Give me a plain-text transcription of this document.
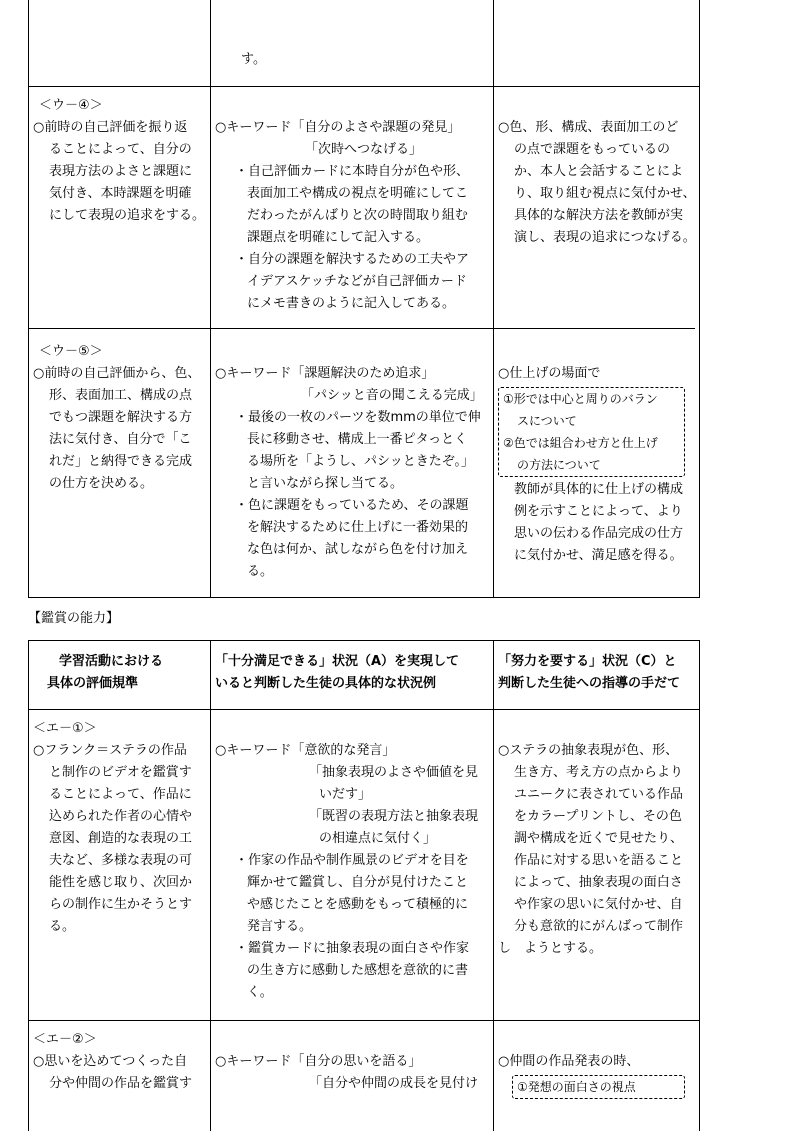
す。
＜ウ－④＞
○前時の自己評価を振り返
ることによって、自分の
表現方法のよさと課題に
気付き、本時課題を明確
にして表現の追求をする。
○キーワード「自分のよさや課題の発見」
「次時へつなげる」
・自己評価カードに本時自分が色や形、
表面加工や構成の視点を明確にしてこ
だわったがんばりと次の時間取り組む
課題点を明確にして記入する。
・自分の課題を解決するための工夫やア
イデアスケッチなどが自己評価カード
にメモ書きのように記入してある。
○色、形、構成、表面加工のど
の点で課題をもっているの
か、本人と会話することによ
り、取り組む視点に気付かせ、
具体的な解決方法を教師が実
演し、表現の追求につなげる。
＜ウ－⑤＞
○前時の自己評価から、色、
形、表面加工、構成の点
でもつ課題を解決する方
法に気付き、自分で「こ
れだ」と納得できる完成
の仕方を決める。
○キーワード「課題解決のため追求」
「パシッと音の聞こえる完成」
・最後の一枚のパーツを数mmの単位で伸
長に移動させ、構成上一番ピタっとく
る場所を「ようし、パシッときたぞ。」
と言いながら探し当てる。
・色に課題をもっているため、その課題
を解決するために仕上げに一番効果的
な色は何か、試しながら色を付け加え
る。
○仕上げの場面で
①形では中心と周りのバラン
スについて
②色では組合わせ方と仕上げ
の方法について
教師が具体的に仕上げの構成
例を示すことによって、より
思いの伝わる作品完成の仕方
に気付かせ、満足感を得る。
【鑑賞の能力】
学習活動における
具体の評価規準
「十分満足できる」状況（A）を実現して
いると判断した生徒の具体的な状況例
「努力を要する」状況（C）と
判断した生徒への指導の手だて
＜エ－①＞
○フランク＝ステラの作品
と制作のビデオを鑑賞す
ることによって、作品に
込められた作者の心情や
意図、創造的な表現の工
夫など、多様な表現の可
能性を感じ取り、次回か
らの制作に生かそうとす
る。
○キーワード「意欲的な発言」
「抽象表現のよさや価値を見
いだす」
「既習の表現方法と抽象表現
の相違点に気付く」
・作家の作品や制作風景のビデオを目を
輝かせて鑑賞し、自分が見付けたこと
や感じたことを感動をもって積極的に
発言する。
・鑑賞カードに抽象表現の面白さや作家
の生き方に感動した感想を意欲的に書
く。
○ステラの抽象表現が色、形、
生き方、考え方の点からより
ユニークに表されている作品
をカラープリントし、その色
調や構成を近くで見せたり、
作品に対する思いを語ること
によって、抽象表現の面白さ
や作家の思いに気付かせ、自
分も意欲的にがんばって制作
し　ようとする。
＜エ－②＞
○思いを込めてつくった自
分や仲間の作品を鑑賞す
○キーワード「自分の思いを語る」
「自分や仲間の成長を見付け
○仲間の作品発表の時、
①発想の面白さの視点
